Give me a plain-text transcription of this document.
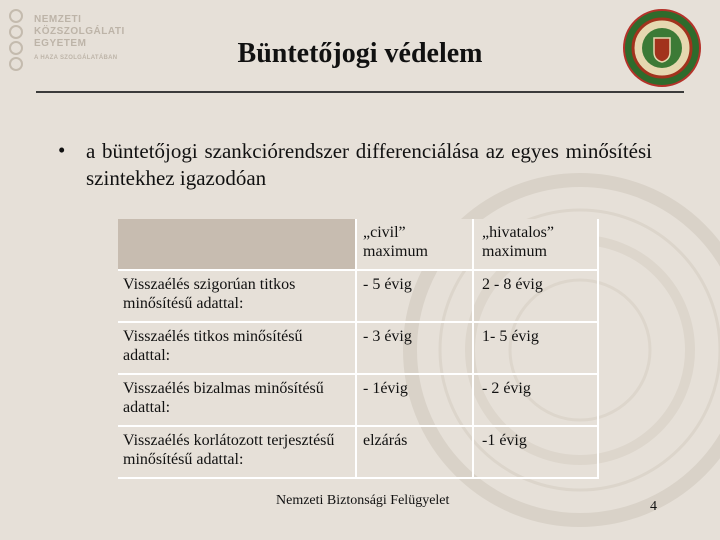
NEMZETI
KÖZSZOLGÁLATI
EGYETEM
A HAZA SZOLGÁLATÁBAN	Büntetőjogi védelem
• a büntetőjogi szankciórendszer differenciálása az egyes minősítési szintekhez igazodóan
	„civil” maximum	„hivatalos” maximum
Visszaélés szigorúan titkos minősítésű adattal:	- 5 évig	2 - 8 évig
Visszaélés titkos minősítésű adattal:	- 3 évig	1- 5 évig
Visszaélés bizalmas minősítésű adattal:	- 1évig	- 2 évig
Visszaélés korlátozott terjesztésű minősítésű adattal:	elzárás	-1 évig
Nemzeti Biztonsági Felügyelet	4
